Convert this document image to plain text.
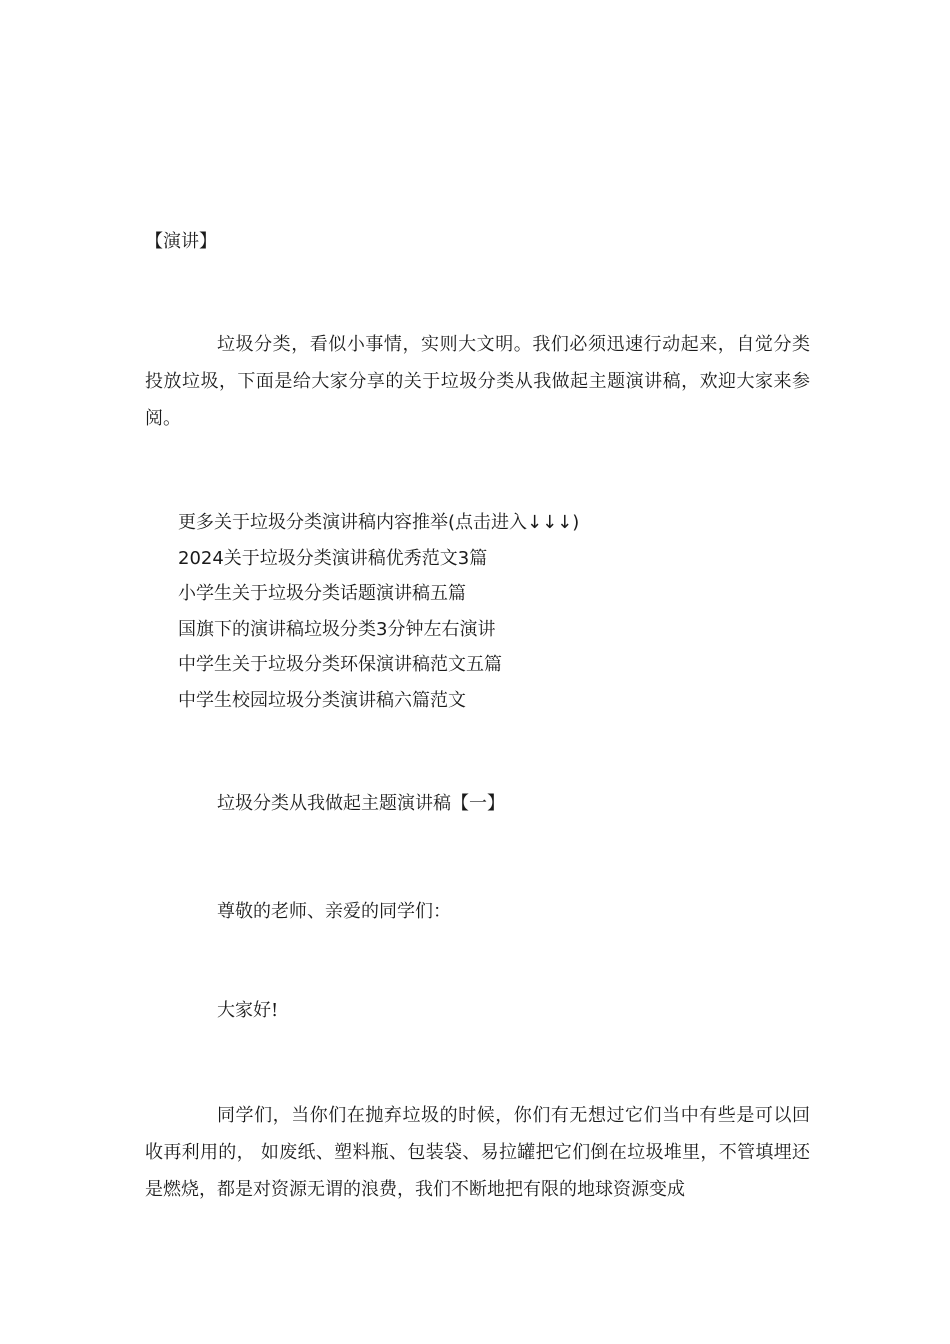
【演讲】

垃圾分类，看似小事情，实则大文明。我们必须迅速行动起来，自觉分类投放垃圾，下面是给大家分享的关于垃圾分类从我做起主题演讲稿，欢迎大家来参阅。

更多关于垃圾分类演讲稿内容推举(点击进入↓↓↓)
2024关于垃圾分类演讲稿优秀范文3篇
小学生关于垃圾分类话题演讲稿五篇
国旗下的演讲稿垃圾分类3分钟左右演讲
中学生关于垃圾分类环保演讲稿范文五篇
中学生校园垃圾分类演讲稿六篇范文
垃圾分类从我做起主题演讲稿【一】
尊敬的老师、亲爱的同学们：
大家好!

同学们，当你们在抛弃垃圾的时候，你们有无想过它们当中有些是可以回收再利用的， 如废纸、塑料瓶、包装袋、易拉罐把它们倒在垃圾堆里，不管填埋还是燃烧，都是对资源无谓的浪费，我们不断地把有限的地球资源变成
